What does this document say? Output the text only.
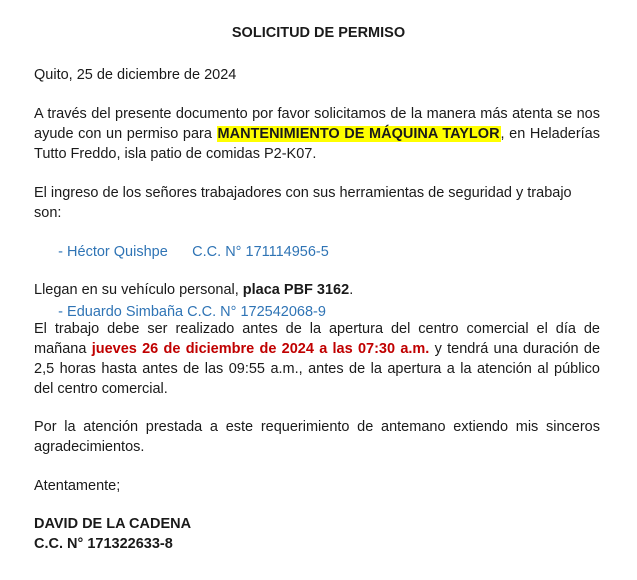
SOLICITUD DE PERMISO
Quito, 25 de diciembre de 2024
A través del presente documento por favor solicitamos de la manera más atenta se nos ayude con un permiso para MANTENIMIENTO DE MÁQUINA TAYLOR, en Heladerías Tutto Freddo, isla patio de comidas P2-K07.
El ingreso de los señores trabajadores con sus herramientas de seguridad y trabajo son:

- Héctor Quishpe C.C. N° 171114956-5

- Eduardo Simbaña C.C. N° 172542068-9

Llegan en su vehículo personal, placa PBF 3162.
El trabajo debe ser realizado antes de la apertura del centro comercial el día de mañana jueves 26 de diciembre de 2024 a las 07:30 a.m. y tendrá una duración de 2,5 horas hasta antes de las 09:55 a.m., antes de la apertura a la atención al público del centro comercial.
Por la atención prestada a este requerimiento de antemano extiendo mis sinceros agradecimientos.
Atentamente;
DAVID DE LA CADENA
C.C. N° 171322633-8
